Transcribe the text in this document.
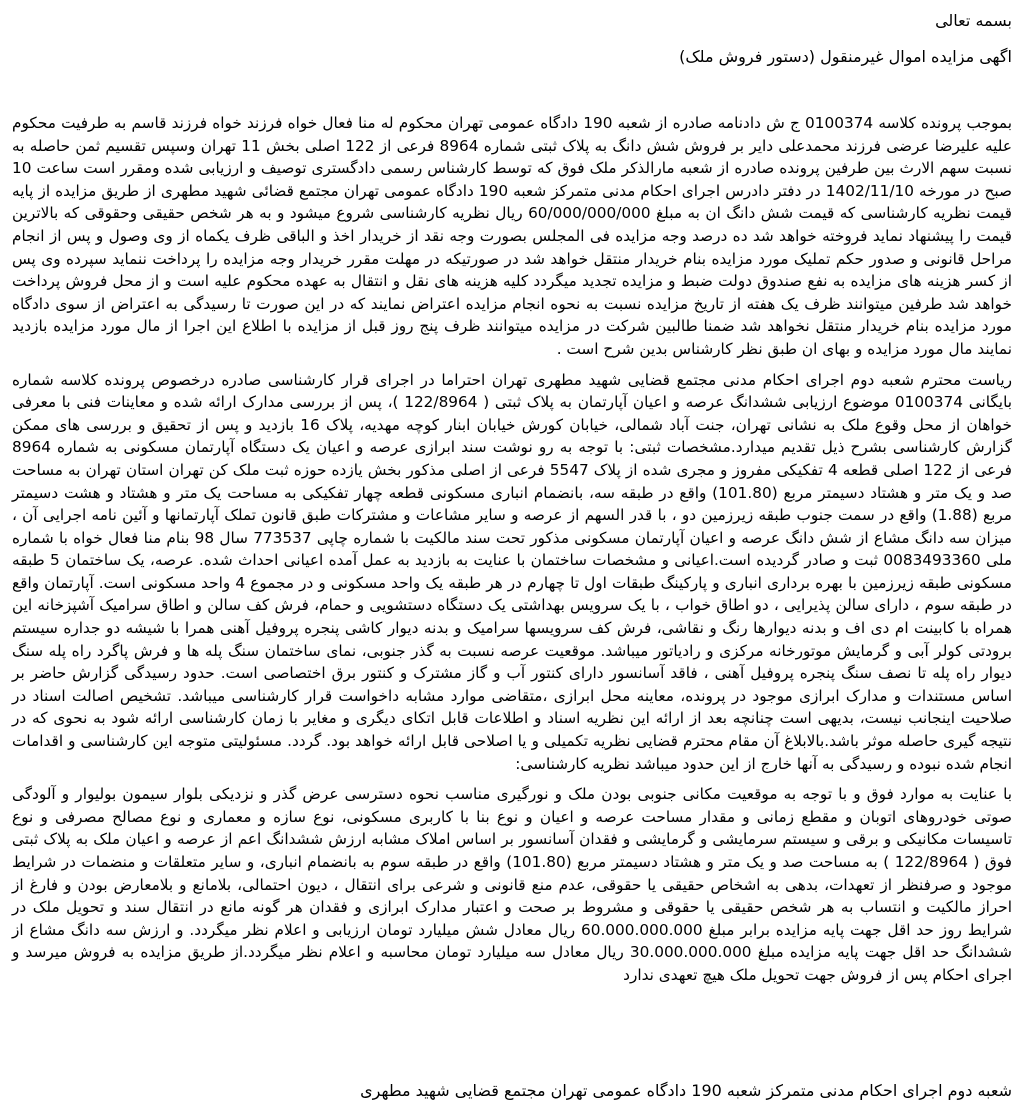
بسمه تعالی

اگهی مزایده اموال غیرمنقول (دستور فروش ملک)

بموجب پرونده کلاسه 0100374 ج ش دادنامه صادره از شعبه 190 دادگاه عمومی تهران محکوم له منا فعال خواه فرزند خواه فرزند قاسم به طرفیت محکوم علیه علیرضا عرضی فرزند محمدعلی دایر بر فروش شش دانگ به پلاک ثبتی شماره 8964 فرعی از 122 اصلی بخش 11 تهران وسپس تقسیم ثمن حاصله به نسبت سهم الارث بین طرفین پرونده صادره از شعبه مارالذکر ملک فوق که توسط کارشناس رسمی دادگستری توصیف و ارزیابی شده ومقرر است ساعت 10 صبح در مورخه 1402/11/10 در دفتر دادرس اجرای احکام مدنی متمرکز شعبه 190 دادگاه عمومی تهران مجتمع قضائی شهید مطهری از طریق مزایده از پایه قیمت نظریه کارشناسی که قیمت شش دانگ ان به مبلغ 60/000/000/000 ریال نظریه کارشناسی شروع میشود و به هر شخص حقیقی وحقوقی که بالاترین قیمت را پیشنهاد نماید فروخته خواهد شد ده درصد وجه مزایده فی المجلس بصورت وجه نقد از خریدار اخذ و الباقی ظرف یکماه از وی وصول و پس از انجام مراحل قانونی و صدور حکم تملیک مورد مزایده بنام خریدار منتقل خواهد شد در صورتیکه در مهلت مقرر خریدار وجه مزایده را پرداخت ننماید سپرده وی پس از کسر هزینه های مزایده به نفع صندوق دولت ضبط و مزایده تجدید میگردد کلیه هزینه های نقل و انتقال به عهده محکوم علیه است و از محل فروش پرداخت خواهد شد طرفین میتوانند ظرف یک هفته از تاریخ مزایده نسبت به نحوه انجام مزایده اعتراض نمایند که در این صورت تا رسیدگی به اعتراض از سوی دادگاه مورد مزایده بنام خریدار منتقل نخواهد شد ضمنا طالبین شرکت در مزایده میتوانند ظرف پنج روز قبل از مزایده با اطلاع این اجرا از مال مورد مزایده بازدید نمایند مال مورد مزایده و بهای ان طبق نظر کارشناس بدین شرح است .

ریاست محترم شعبه دوم اجرای احکام مدنی مجتمع قضایی شهید مطهری تهران احتراما در اجرای قرار کارشناسی صادره درخصوص پرونده کلاسه شماره بایگانی 0100374 موضوع ارزیابی ششدانگ عرصه و اعیان آپارتمان به پلاک ثبتی ( 122/8964 )، پس از بررسی مدارک ارائه شده و معاینات فنی با معرفی خواهان از محل وقوع ملک به نشانی تهران، جنت آباد شمالی، خیابان کورش خیابان ابنار کوچه مهدیه، پلاک 16 بازدید و پس از تحقیق و بررسی های ممکن گزارش کارشناسی بشرح ذیل تقدیم میدارد.مشخصات ثبتی: با توجه به رو نوشت سند ابرازی عرصه و اعیان یک دستگاه آپارتمان مسکونی به شماره 8964 فرعی از 122 اصلی قطعه 4 تفکیکی مفروز و مجری شده از پلاک 5547 فرعی از اصلی مذکور بخش یازده حوزه ثبت ملک کن تهران استان تهران به مساحت صد و یک متر و هشتاد دسیمتر مربع (101.80) واقع در طبقه سه، بانضمام انباری مسکونی قطعه چهار تفکیکی به مساحت یک متر و هشتاد و هشت دسیمتر مربع (1.88) واقع در سمت جنوب طبقه زیرزمین دو ، با قدر السهم از عرصه و سایر مشاعات و مشترکات طبق قانون تملک آپارتمانها و آئین نامه اجرایی آن ، میزان سه دانگ مشاع از شش دانگ عرصه و اعیان آپارتمان مسکونی مذکور تحت سند مالکیت با شماره چاپی 773537 سال 98 بنام منا فعال خواه با شماره ملی 0083493360 ثبت و صادر گردیده است.اعیانی و مشخصات ساختمان با عنایت به بازدید به عمل آمده اعیانی احداث شده. عرصه، یک ساختمان 5 طبقه مسکونی طبقه زیرزمین با بهره برداری انباری و پارکینگ طبقات اول تا چهارم در هر طبقه یک واحد مسکونی و در مجموع 4 واحد مسکونی است. آپارتمان واقع در طبقه سوم ، دارای سالن پذیرایی ، دو اطاق خواب ، با یک سرویس بهداشتی یک دستگاه دستشویی و حمام، فرش کف سالن و اطاق سرامیک آشپزخانه این همراه با کابینت ام دی اف و بدنه دیوارها رنگ و نقاشی، فرش کف سرویسها سرامیک و بدنه دیوار کاشی پنجره پروفیل آهنی همرا با شیشه دو جداره سیستم برودتی کولر آبی و گرمایش موتورخانه مرکزی و رادیاتور میباشد. موقعیت عرصه نسبت به گذر جنوبی، نمای ساختمان سنگ پله ها و فرش پاگرد راه پله سنگ دیوار راه پله تا نصف سنگ پنجره پروفیل آهنی ، فاقد آسانسور دارای کنتور آب و گاز مشترک و کنتور برق اختصاصی است. حدود رسیدگی گزارش حاضر بر اساس مستندات و مدارک ابرازی موجود در پرونده، معاینه محل ابرازی ،متقاضی موارد مشابه داخواست قرار کارشناسی میباشد. تشخیص اصالت اسناد در صلاحیت اینجانب نیست، بدیهی است چنانچه بعد از ارائه این نظریه اسناد و اطلاعات قابل اتکای دیگری و مغایر با زمان کارشناسی ارائه شود به نحوی که در نتیجه گیری حاصله موثر باشد.بالابلاغ آن مقام محترم قضایی نظریه تکمیلی و یا اصلاحی قابل ارائه خواهد بود. گردد. مسئولیتی متوجه این کارشناسی و اقدامات انجام شده نبوده و رسیدگی به آنها خارج از این حدود میباشد نظریه کارشناسی:

با عنایت به موارد فوق و با توجه به موقعیت مکانی جنوبی بودن ملک و نورگیری مناسب نحوه دسترسی عرض گذر و نزدیکی بلوار سیمون بولیوار و آلودگی صوتی خودروهای اتوبان و مقطع زمانی و مقدار مساحت عرصه و اعیان و نوع بنا با کاربری مسکونی، نوع سازه و معماری و نوع مصالح مصرفی و نوع تاسیسات مکانیکی و برقی و سیستم سرمایشی و گرمایشی و فقدان آسانسور بر اساس املاک مشابه ارزش ششدانگ اعم از عرصه و اعیان ملک به پلاک ثبتی فوق ( 122/8964 ) به مساحت صد و یک متر و هشتاد دسیمتر مربع (101.80) واقع در طبقه سوم به بانضمام انباری، و سایر متعلقات و منضمات در شرایط موجود و صرفنظر از تعهدات، بدهی به اشخاص حقیقی یا حقوقی، عدم منع قانونی و شرعی برای انتقال ، دیون احتمالی، بلامانع و بلامعارض بودن و فارغ از احراز مالکیت و انتساب به هر شخص حقیقی یا حقوقی و مشروط بر صحت و اعتبار مدارک ابرازی و فقدان هر گونه مانع در انتقال سند و تحویل ملک در شرایط روز حد اقل جهت پایه مزایده برابر مبلغ 60.000.000.000 ریال معادل شش میلیارد تومان ارزیابی و اعلام نظر میگردد. و ارزش سه دانگ مشاع از ششدانگ حد اقل جهت پایه مزایده مبلغ 30.000.000.000 ریال معادل سه میلیارد تومان محاسبه و اعلام نظر میگردد.از طریق مزایده به فروش میرسد و اجرای احکام پس از فروش جهت تحویل ملک هیچ تعهدی ندارد

شعبه دوم اجرای احکام مدنی متمرکز شعبه 190 دادگاه عمومی تهران مجتمع قضایی شهید مطهری
